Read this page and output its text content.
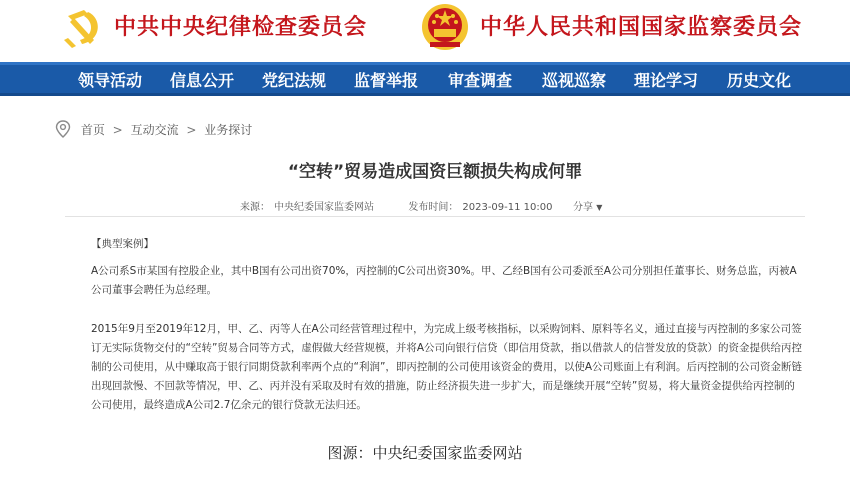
中共中央纪律检查委员会	中华人民共和国国家监察委员会
领导活动 信息公开 党纪法规 监督举报 审查调查 巡视巡察 理论学习 历史文化
首页 > 互动交流 > 业务探讨
“空转”贸易造成国资巨额损失构成何罪
来源： 中央纪委国家监委网站	发布时间： 2023-09-11 10:00	分享 ▼
【典型案例】

A公司系S市某国有控股企业，其中B国有公司出资70%，丙控制的C公司出资30%。甲、乙经B国有公司委派至A公司分别担任董事长、财务总监，丙被A公司董事会聘任为总经理。

2015年9月至2019年12月，甲、乙、丙等人在A公司经营管理过程中，为完成上级考核指标，以采购饲料、原料等名义，通过直接与丙控制的多家公司签订无实际货物交付的“空转”贸易合同等方式，虚假做大经营规模，并将A公司向银行信贷（即信用贷款，指以借款人的信誉发放的贷款）的资金提供给丙控制的公司使用，从中赚取高于银行同期贷款利率两个点的“利润”，即丙控制的公司使用该资金的费用，以使A公司账面上有利润。后丙控制的公司资金断链出现回款慢、不回款等情况，甲、乙、丙并没有采取及时有效的措施，防止经济损失进一步扩大，而是继续开展“空转”贸易，将大量资金提供给丙控制的公司使用，最终造成A公司2.7亿余元的银行贷款无法归还。

图源：中央纪委国家监委网站
